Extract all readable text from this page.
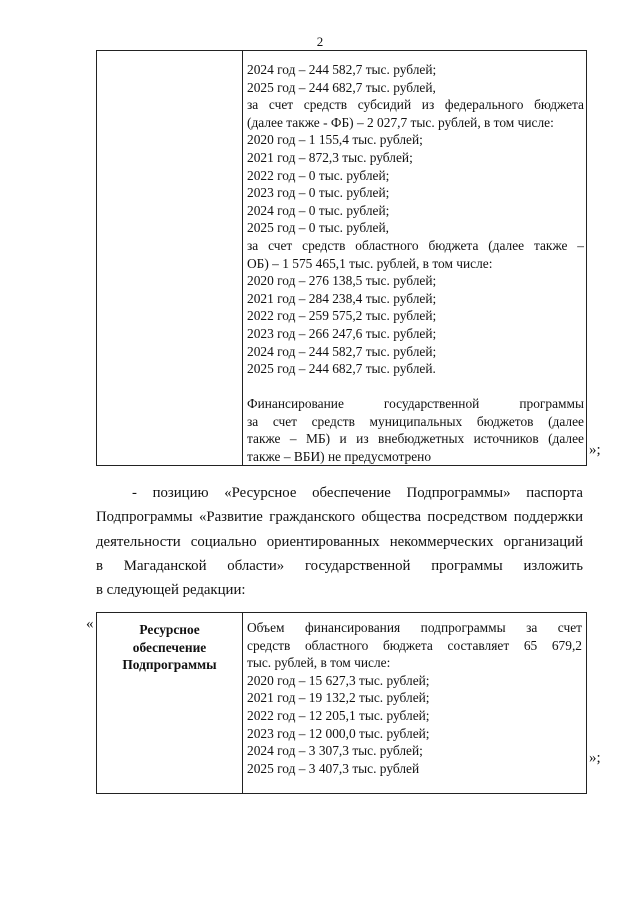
2
2024 год – 244 582,7 тыс. рублей;
2025 год – 244 682,7 тыс. рублей,
за счет средств субсидий из федерального бюджета
(далее также - ФБ) – 2 027,7 тыс. рублей, в том числе:
2020 год – 1 155,4 тыс. рублей;
2021 год – 872,3 тыс. рублей;
2022 год – 0 тыс. рублей;
2023 год – 0 тыс. рублей;
2024 год – 0 тыс. рублей;
2025 год – 0 тыс. рублей,
за счет средств областного бюджета (далее также –
ОБ) – 1 575 465,1 тыс. рублей, в том числе:
2020 год – 276 138,5 тыс. рублей;
2021 год – 284 238,4 тыс. рублей;
2022 год – 259 575,2 тыс. рублей;
2023 год – 266 247,6 тыс. рублей;
2024 год – 244 582,7 тыс. рублей;
2025 год – 244 682,7 тыс. рублей.
Финансирование государственной программы
за счет средств муниципальных бюджетов (далее
также – МБ) и из внебюджетных источников (далее
также – ВБИ) не предусмотрено	»;
- позицию «Ресурсное обеспечение Подпрограммы» паспорта
Подпрограммы «Развитие гражданского общества посредством поддержки
деятельности социально ориентированных некоммерческих организаций
в Магаданской области» государственной программы изложить
в следующей редакции:
«	Ресурсное
обеспечение
Подпрограммы
Объем финансирования подпрограммы за счет
средств областного бюджета составляет 65 679,2
тыс. рублей, в том числе:
2020 год – 15 627,3 тыс. рублей;
2021 год – 19 132,2 тыс. рублей;
2022 год – 12 205,1 тыс. рублей;
2023 год – 12 000,0 тыс. рублей;
2024 год – 3 307,3 тыс. рублей;
2025 год – 3 407,3 тыс. рублей
»;
